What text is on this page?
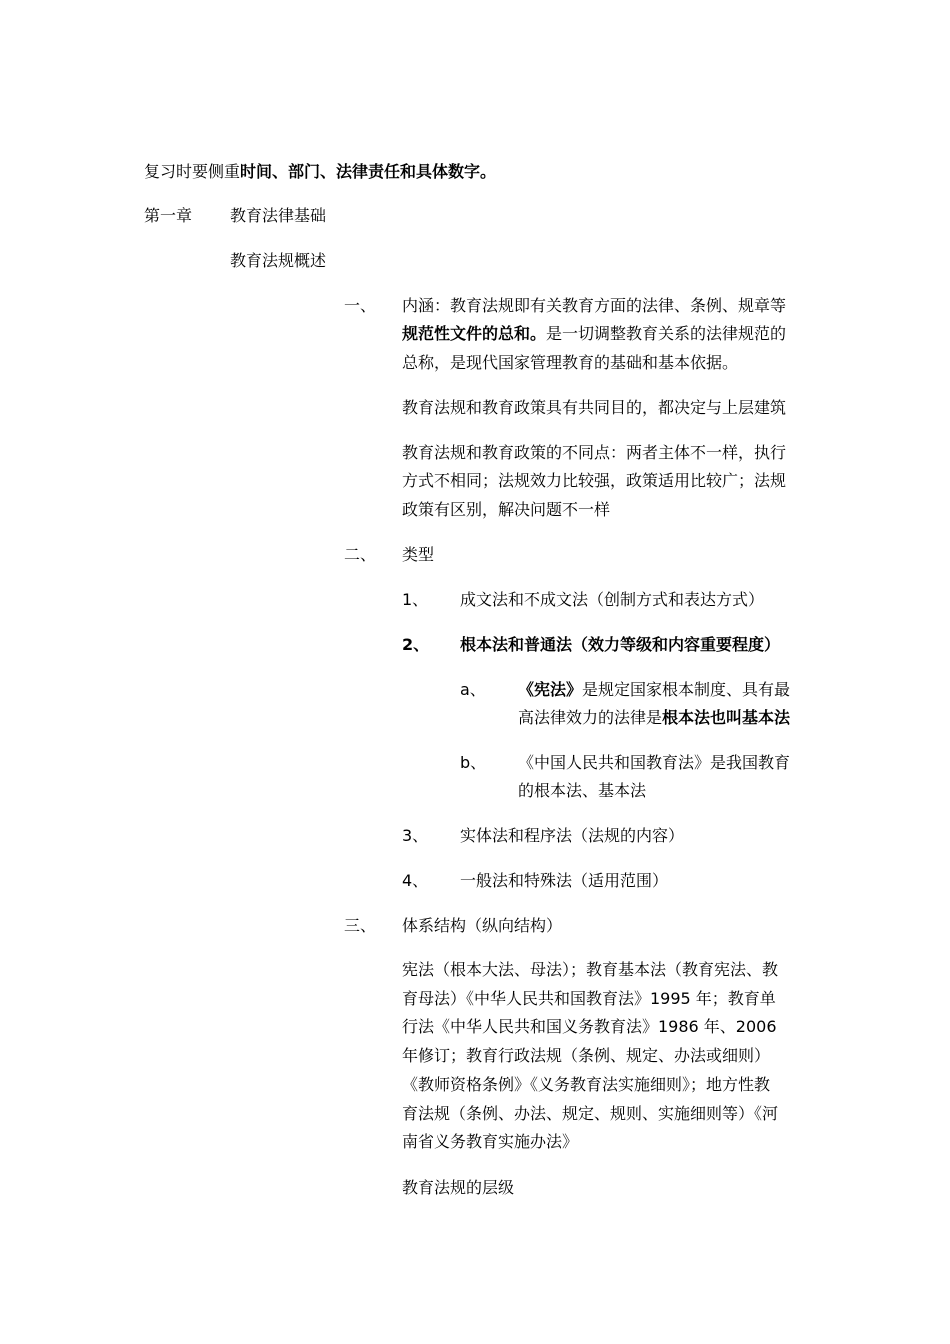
复习时要侧重时间、部门、法律责任和具体数字。
第一章 教育法律基础
教育法规概述
一、 内涵：教育法规即有关教育方面的法律、条例、规章等
规范性文件的总和。是一切调整教育关系的法律规范的
总称，是现代国家管理教育的基础和基本依据。
教育法规和教育政策具有共同目的，都决定与上层建筑
教育法规和教育政策的不同点：两者主体不一样，执行
方式不相同；法规效力比较强，政策适用比较广；法规
政策有区别，解决问题不一样
二、 类型
1、 成文法和不成文法（创制方式和表达方式）
2、 根本法和普通法（效力等级和内容重要程度）
a、 《宪法》是规定国家根本制度、具有最
高法律效力的法律是根本法也叫基本法
b、 《中国人民共和国教育法》是我国教育
的根本法、基本法
3、 实体法和程序法（法规的内容）
4、 一般法和特殊法（适用范围）
三、 体系结构（纵向结构）
宪法（根本大法、母法）；教育基本法（教育宪法、教
育母法）《中华人民共和国教育法》1995 年；教育单
行法《中华人民共和国义务教育法》1986 年、2006
年修订；教育行政法规（条例、规定、办法或细则）
《教师资格条例》《义务教育法实施细则》；地方性教
育法规（条例、办法、规定、规则、实施细则等）《河
南省义务教育实施办法》
教育法规的层级
